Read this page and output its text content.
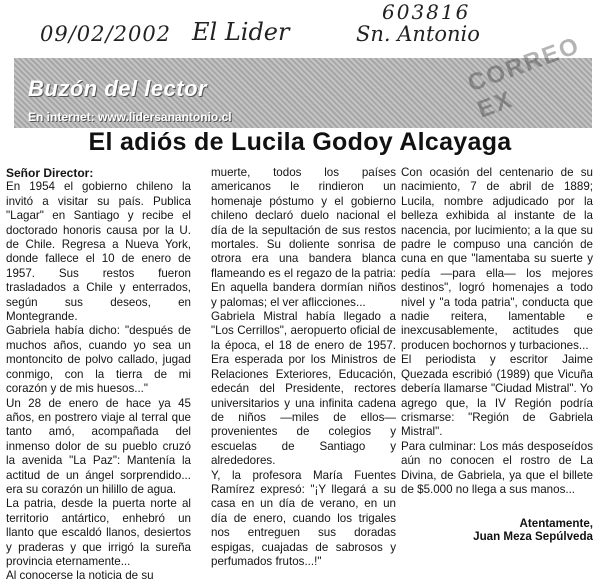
09/02/2002 El Lider	Sn. Antonio
603816
Buzón del lector
En internet: www.lidersanantonio.cl
CORREO EX
El adiós de Lucila Godoy Alcayaga

Señor Director:

En 1954 el gobierno chileno la invitó a visitar su país. Publica "Lagar" en Santiago y recibe el doctorado honoris causa por la U. de Chile. Regresa a Nueva York, donde fallece el 10 de enero de 1957. Sus restos fueron trasladados a Chile y enterrados, según sus deseos, en Montegrande.

Gabriela había dicho: "después de muchos años, cuando yo sea un montoncito de polvo callado, jugad conmigo, con la tierra de mi corazón y de mis huesos..."

Un 28 de enero de hace ya 45 años, en postrero viaje al terral que tanto amó, acompañada del inmenso dolor de su pueblo cruzó la avenida "La Paz": Mantenía la actitud de un ángel sorprendido... era su corazón un hilillo de agua.

La patria, desde la puerta norte al territorio antártico, enhebró un llanto que escaldó llanos, desiertos y praderas y que irrigó la sureña provincia eternamente...

Al conocerse la noticia de su

muerte, todos los países americanos le rindieron un homenaje póstumo y el gobierno chileno declaró duelo nacional el día de la sepultación de sus restos mortales. Su doliente sonrisa de otrora era una bandera blanca flameando es el regazo de la patria: En aquella bandera dormían niños y palomas; el ver aflicciones...

Gabriela Mistral había llegado a "Los Cerrillos", aeropuerto oficial de la época, el 18 de enero de 1957. Era esperada por los Ministros de Relaciones Exteriores, Educación, edecán del Presidente, rectores universitarios y una infinita cadena de niños —miles de ellos— provenientes de colegios y escuelas de Santiago y alrededores.

Y, la profesora María Fuentes Ramírez expresó: "¡Y llegará a su casa en un día de verano, en un día de enero, cuando los trigales nos entreguen sus doradas espigas, cuajadas de sabrosos y perfumados frutos...!"

Con ocasión del centenario de su nacimiento, 7 de abril de 1889; Lucila, nombre adjudicado por la belleza exhibida al instante de la nacencia, por lucimiento; a la que su padre le compuso una canción de cuna en que "lamentaba su suerte y pedía —para ella— los mejores destinos", logró homenajes a todo nivel y "a toda patria", conducta que nadie reitera, lamentable e inexcusablemente, actitudes que producen bochornos y turbaciones...

El periodista y escritor Jaime Quezada escribió (1989) que Vicuña debería llamarse "Ciudad Mistral". Yo agrego que, la IV Región podría crismarse: "Región de Gabriela Mistral".

Para culminar: Los más desposeídos aún no conocen el rostro de La Divina, de Gabriela, ya que el billete de $5.000 no llega a sus manos...

Atentamente,

Juan Meza Sepúlveda
